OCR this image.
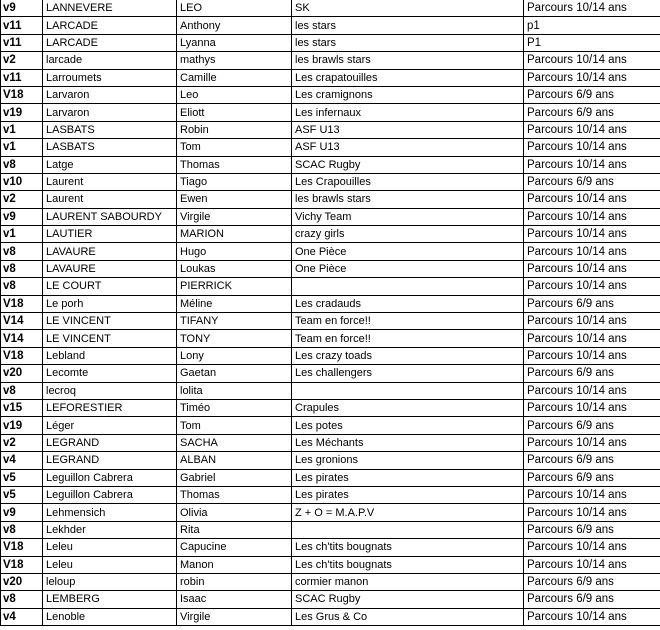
v9	LANNEVERE	LEO	SK	Parcours 10/14 ans
v11	LARCADE	Anthony	les stars	p1
v11	LARCADE	Lyanna	les stars	P1
v2	larcade	mathys	les brawls stars	Parcours 10/14 ans
v11	Larroumets	Camille	Les crapatouilles	Parcours 10/14 ans
V18	Larvaron	Leo	Les cramignons	Parcours 6/9 ans
v19	Larvaron	Eliott	Les infernaux	Parcours 6/9 ans
v1	LASBATS	Robin	ASF U13	Parcours 10/14 ans
v1	LASBATS	Tom	ASF U13	Parcours 10/14 ans
v8	Latge	Thomas	SCAC Rugby	Parcours 10/14 ans
v10	Laurent	Tiago	Les Crapouilles	Parcours 6/9 ans
v2	Laurent	Ewen	les brawls stars	Parcours 10/14 ans
v9	LAURENT SABOURDY	Virgile	Vichy Team	Parcours 10/14 ans
v1	LAUTIER	MARION	crazy girls	Parcours 10/14 ans
v8	LAVAURE	Hugo	One Pièce	Parcours 10/14 ans
v8	LAVAURE	Loukas	One Pièce	Parcours 10/14 ans
v8	LE COURT	PIERRICK		Parcours 10/14 ans
V18	Le porh	Méline	Les cradauds	Parcours 6/9 ans
V14	LE VINCENT	TIFANY	Team en force!!	Parcours 10/14 ans
V14	LE VINCENT	TONY	Team en force!!	Parcours 10/14 ans
V18	Lebland	Lony	Les crazy toads	Parcours 10/14 ans
v20	Lecomte	Gaetan	Les challengers	Parcours 6/9 ans
v8	lecroq	lolita		Parcours 10/14 ans
v15	LEFORESTIER	Timéo	Crapules	Parcours 10/14 ans
v19	Léger	Tom	Les potes	Parcours 6/9 ans
v2	LEGRAND	SACHA	Les Méchants	Parcours 10/14 ans
v4	LEGRAND	ALBAN	Les gronions	Parcours 6/9 ans
v5	Leguillon Cabrera	Gabriel	Les pirates	Parcours 6/9 ans
v5	Leguillon Cabrera	Thomas	Les pirates	Parcours 10/14 ans
v9	Lehmensich	Olivia	Z + O = M.A.P.V	Parcours 10/14 ans
v8	Lekhder	Rita		Parcours 6/9 ans
V18	Leleu	Capucine	Les ch'tits bougnats	Parcours 10/14 ans
V18	Leleu	Manon	Les ch'tits bougnats	Parcours 10/14 ans
v20	leloup	robin	cormier manon	Parcours 6/9 ans
v8	LEMBERG	Isaac	SCAC Rugby	Parcours 6/9 ans
v4	Lenoble	Virgile	Les Grus & Co	Parcours 10/14 ans
